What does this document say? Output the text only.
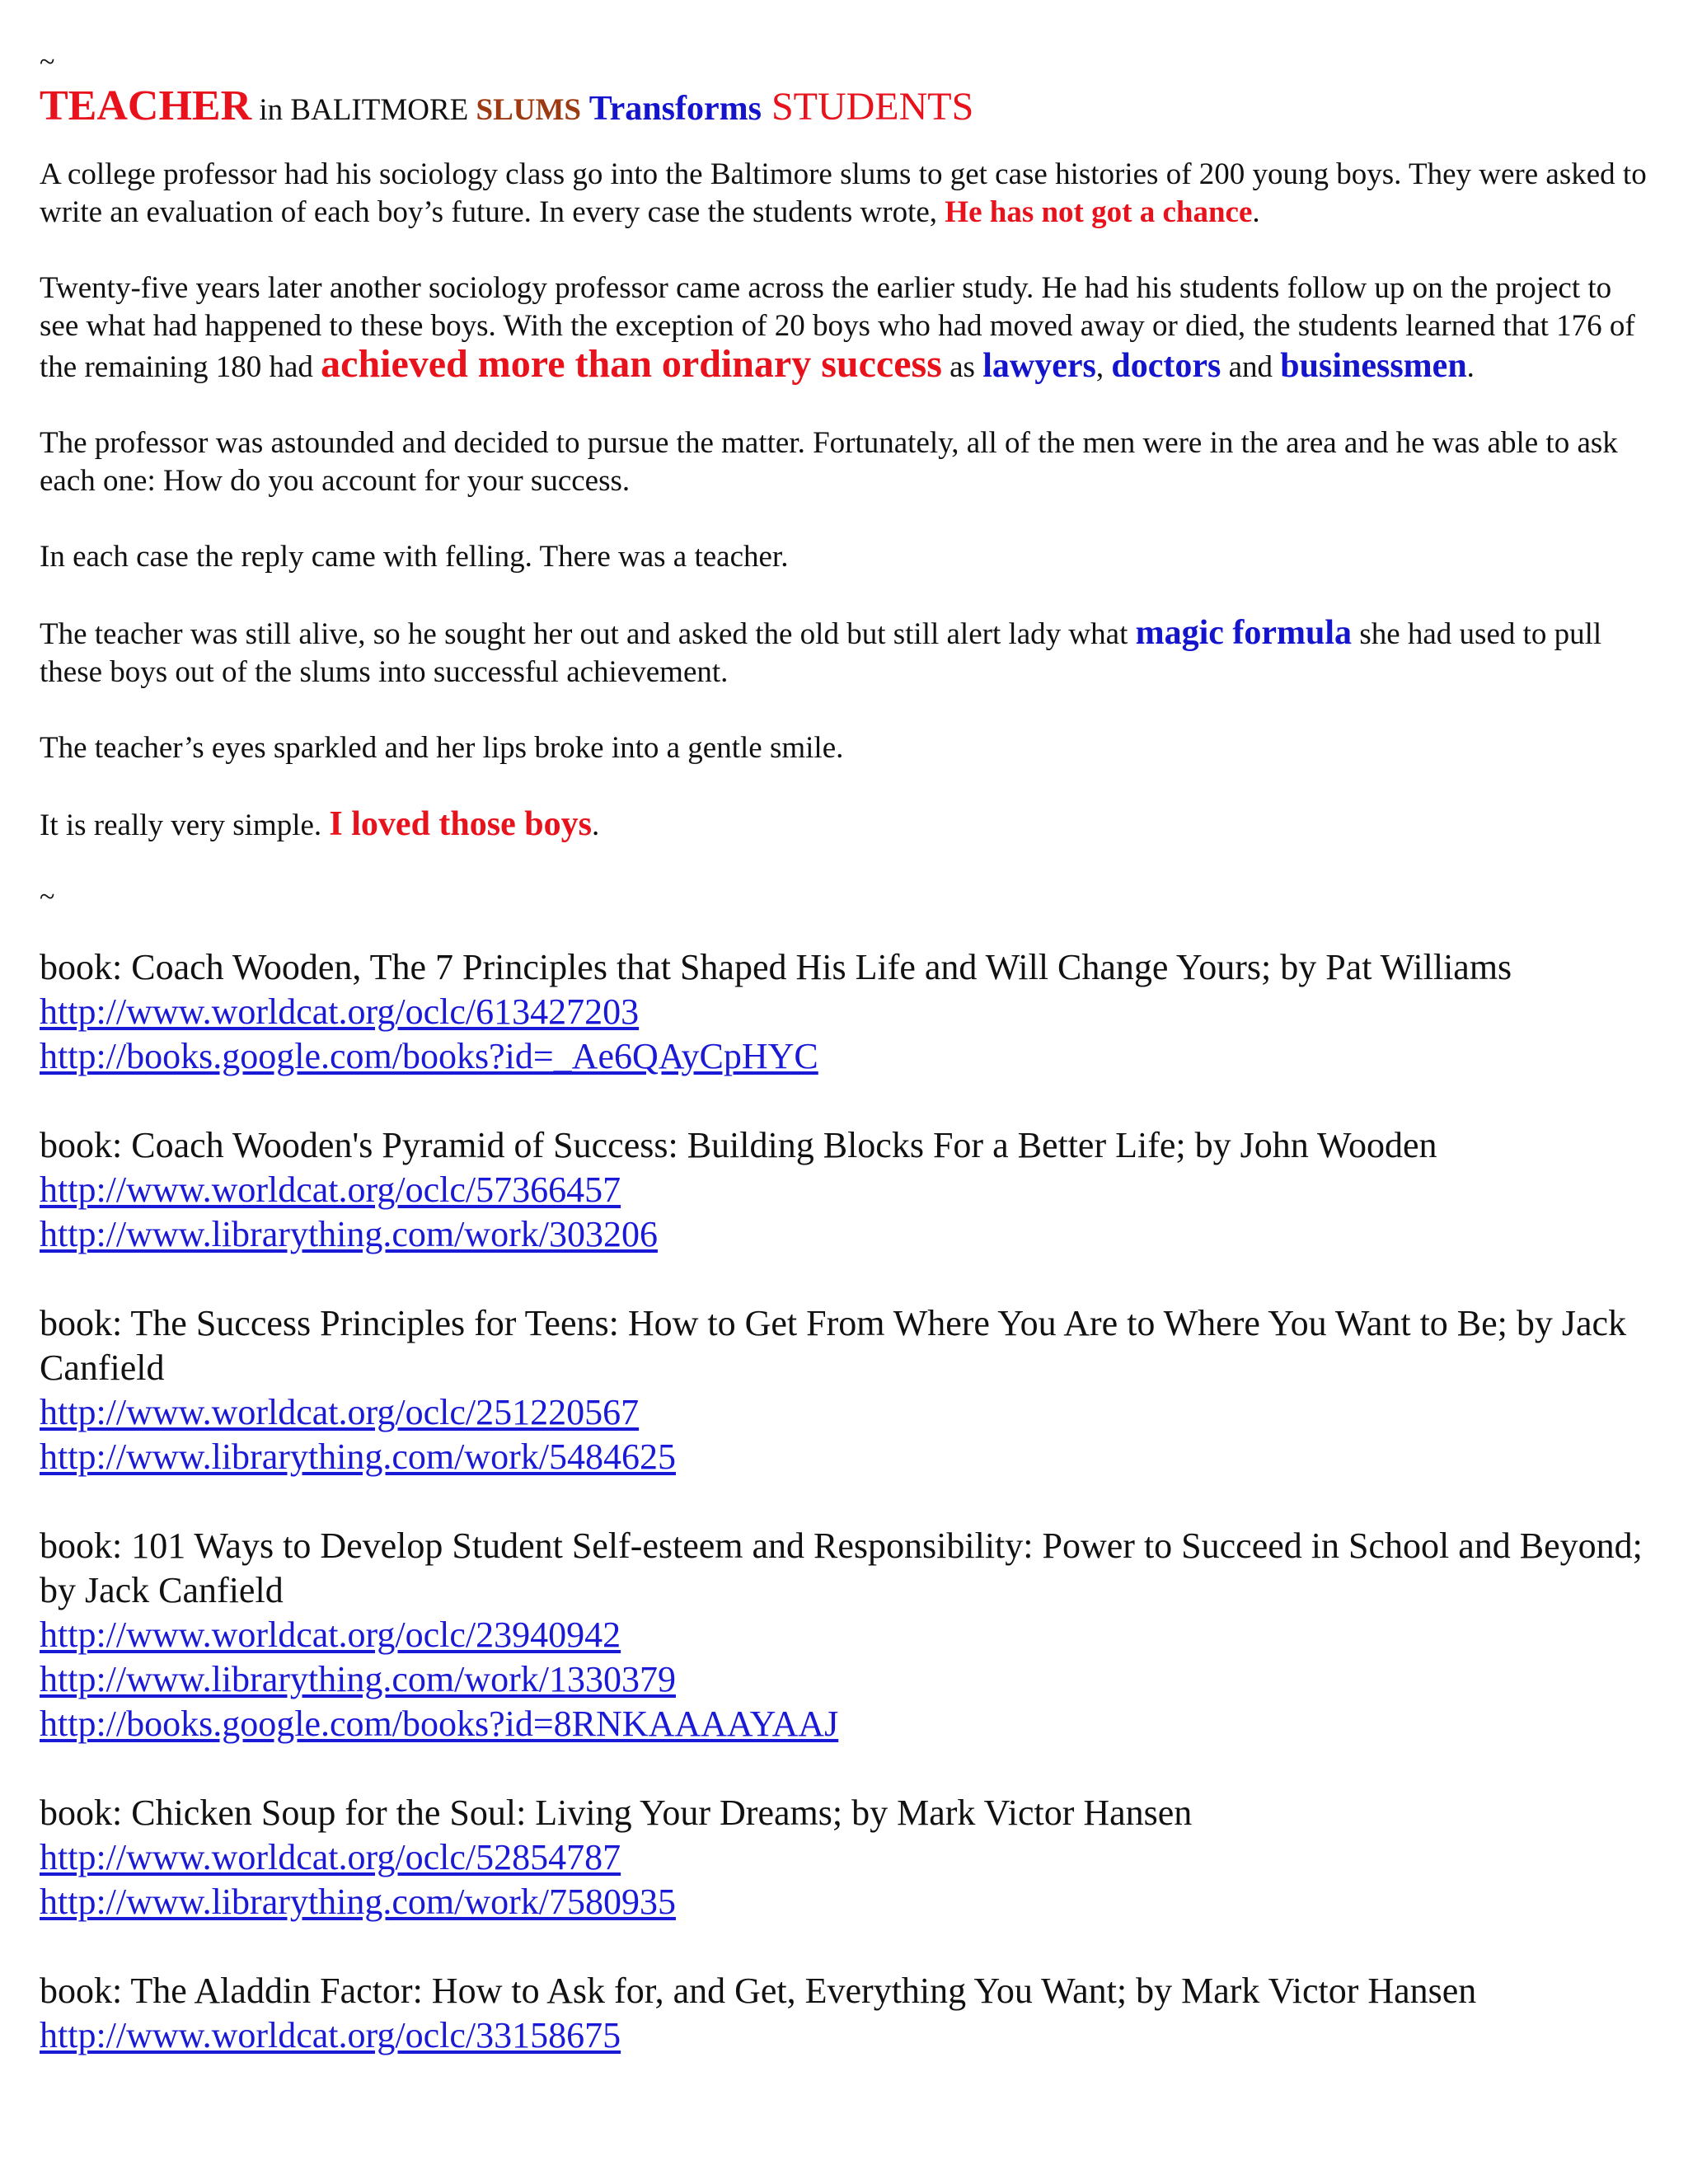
~
TEACHER in BALITMORE SLUMS Transforms STUDENTS

A college professor had his sociology class go into the Baltimore slums to get case histories of 200 young boys. They were asked to write an evaluation of each boy’s future. In every case the students wrote, He has not got a chance.

Twenty-five years later another sociology professor came across the earlier study. He had his students follow up on the project to see what had happened to these boys. With the exception of 20 boys who had moved away or died, the students learned that 176 of the remaining 180 had achieved more than ordinary success as lawyers, doctors and businessmen.

The professor was astounded and decided to pursue the matter. Fortunately, all of the men were in the area and he was able to ask each one: How do you account for your success.

In each case the reply came with felling. There was a teacher.

The teacher was still alive, so he sought her out and asked the old but still alert lady what magic formula she had used to pull these boys out of the slums into successful achievement.

The teacher’s eyes sparkled and her lips broke into a gentle smile.

It is really very simple. I loved those boys.

~
book: Coach Wooden, The 7 Principles that Shaped His Life and Will Change Yours; by Pat Williams
http://www.worldcat.org/oclc/613427203
http://books.google.com/books?id=_Ae6QAyCpHYC
book: Coach Wooden's Pyramid of Success: Building Blocks For a Better Life; by John Wooden
http://www.worldcat.org/oclc/57366457
http://www.librarything.com/work/303206
book: The Success Principles for Teens: How to Get From Where You Are to Where You Want to Be; by Jack Canfield
http://www.worldcat.org/oclc/251220567
http://www.librarything.com/work/5484625
book: 101 Ways to Develop Student Self-esteem and Responsibility: Power to Succeed in School and Beyond; by Jack Canfield
http://www.worldcat.org/oclc/23940942
http://www.librarything.com/work/1330379
http://books.google.com/books?id=8RNKAAAAYAAJ
book: Chicken Soup for the Soul: Living Your Dreams; by Mark Victor Hansen
http://www.worldcat.org/oclc/52854787
http://www.librarything.com/work/7580935
book: The Aladdin Factor: How to Ask for, and Get, Everything You Want; by Mark Victor Hansen
http://www.worldcat.org/oclc/33158675
